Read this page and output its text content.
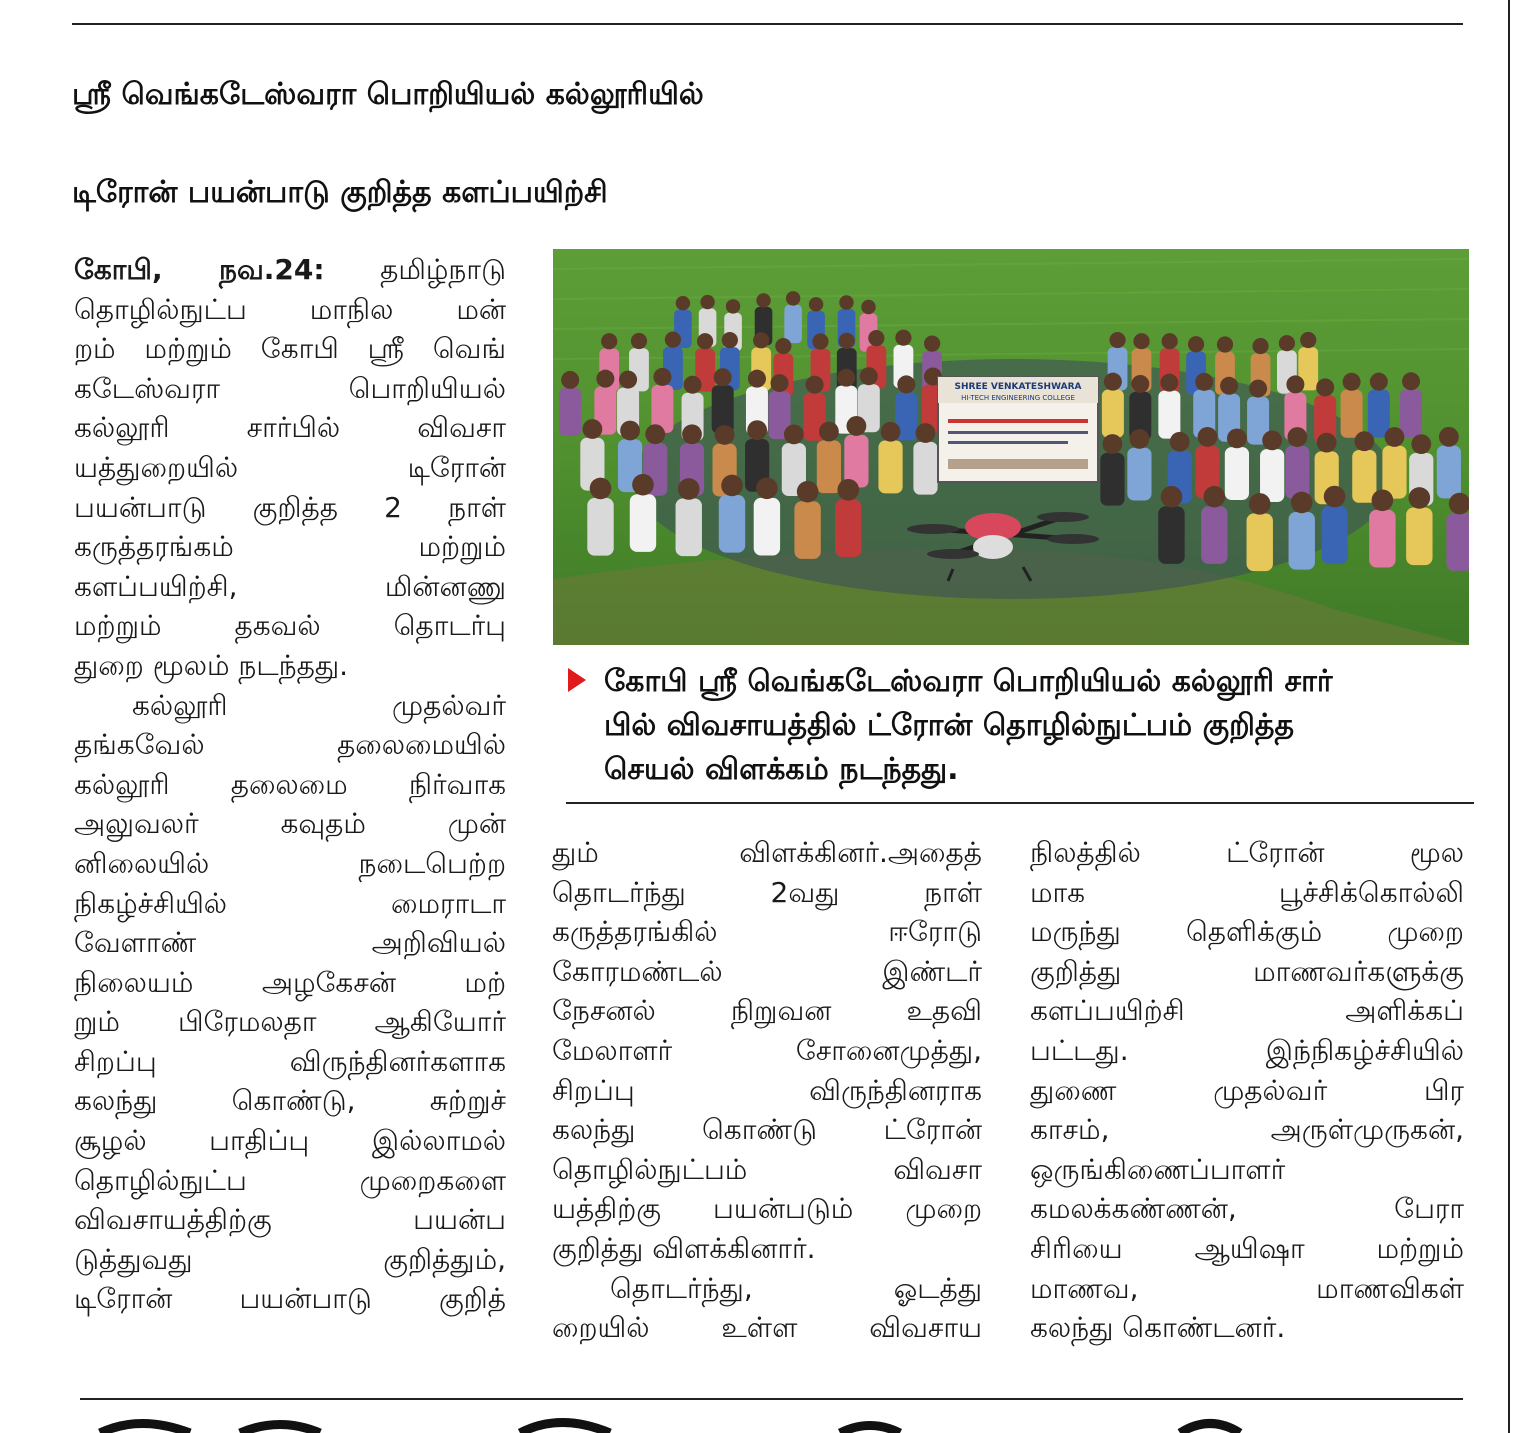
ஸ்ரீ வெங்கடேஸ்வரா பொறியியல் கல்லூரியில்
டிரோன் பயன்பாடு குறித்த களப்பயிற்சி
கோபி, நவ.24: தமிழ்நாடு
தொழில்நுட்ப மாநில மன்
றம் மற்றும் கோபி ஸ்ரீ வெங்
கடேஸ்வரா பொறியியல்
கல்லூரி சார்பில் விவசா
யத்துறையில் டிரோன்
பயன்பாடு குறித்த 2 நாள்
கருத்தரங்கம் மற்றும்
களப்பயிற்சி, மின்னணு
மற்றும் தகவல் தொடர்பு
துறை மூலம் நடந்தது.
கல்லூரி முதல்வர்
தங்கவேல் தலைமையில்
கல்லூரி தலைமை நிர்வாக
அலுவலர் கவுதம் முன்
னிலையில் நடைபெற்ற
நிகழ்ச்சியில் மைராடா
வேளாண் அறிவியல்
நிலையம் அழகேசன் மற்
றும் பிரேமலதா ஆகியோர்
சிறப்பு விருந்தினர்களாக
கலந்து கொண்டு, சுற்றுச்
சூழல் பாதிப்பு இல்லாமல்
தொழில்நுட்ப முறைகளை
விவசாயத்திற்கு பயன்ப
டுத்துவது குறித்தும்,
டிரோன் பயன்பாடு குறித்
SHREE VENKATESHWARA
HI-TECH ENGINEERING COLLEGE
கோபி ஸ்ரீ வெங்கடேஸ்வரா பொறியியல் கல்லூரி சார்
பில் விவசாயத்தில் ட்ரோன் தொழில்நுட்பம் குறித்த
செயல் விளக்கம் நடந்தது.
தும் விளக்கினர்.அதைத்
தொடர்ந்து 2வது நாள்
கருத்தரங்கில் ஈரோடு
கோரமண்டல் இண்டர்
நேசனல் நிறுவன உதவி
மேலாளர் சோனைமுத்து,
சிறப்பு விருந்தினராக
கலந்து கொண்டு ட்ரோன்
தொழில்நுட்பம் விவசா
யத்திற்கு பயன்படும் முறை
குறித்து விளக்கினார்.
தொடர்ந்து, ஓடத்து
றையில் உள்ள விவசாய
நிலத்தில் ட்ரோன் மூல
மாக பூச்சிக்கொல்லி
மருந்து தெளிக்கும் முறை
குறித்து மாணவர்களுக்கு
களப்பயிற்சி அளிக்கப்
பட்டது. இந்நிகழ்ச்சியில்
துணை முதல்வர் பிர
காசம், அருள்முருகன்,
ஒருங்கிணைப்பாளர்
கமலக்கண்ணன், பேரா
சிரியை ஆயிஷா மற்றும்
மாணவ, மாணவிகள்
கலந்து கொண்டனர்.
